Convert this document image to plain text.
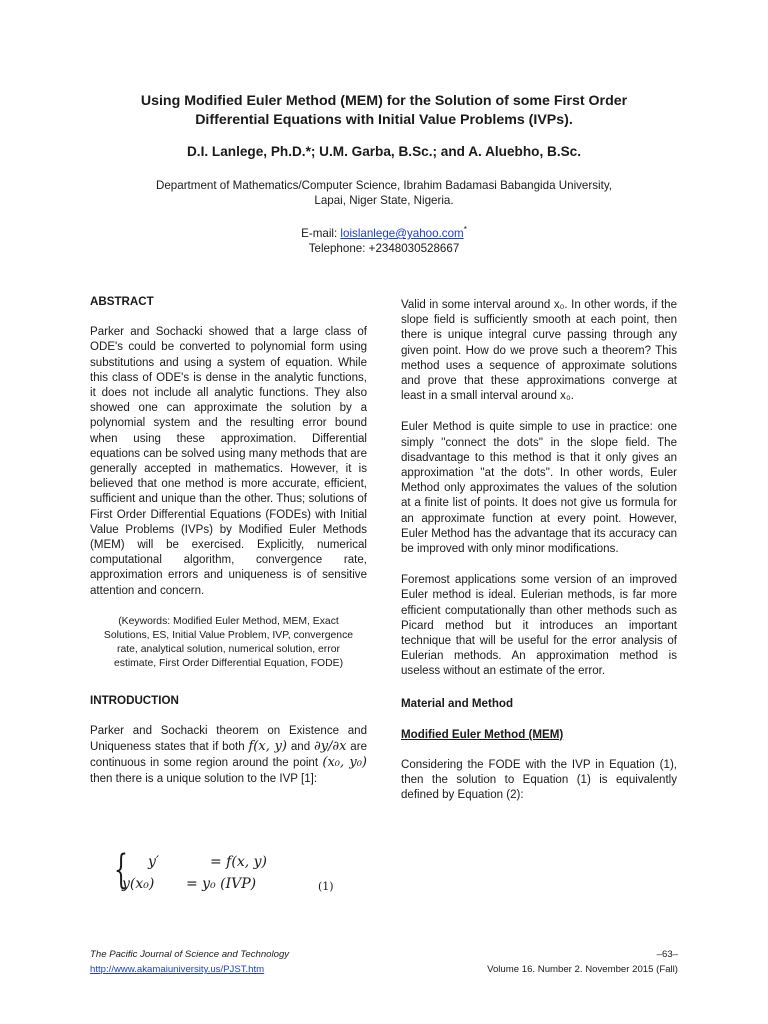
Using Modified Euler Method (MEM) for the Solution of some First Order
Differential Equations with Initial Value Problems (IVPs).
D.I. Lanlege, Ph.D.*; U.M. Garba, B.Sc.; and A. Aluebho, B.Sc.
Department of Mathematics/Computer Science, Ibrahim Badamasi Babangida University,
Lapai, Niger State, Nigeria.
E-mail: loislanlege@yahoo.com*
Telephone: +2348030528667
ABSTRACT

Parker and Sochacki showed that a large class of ODE's could be converted to polynomial form using substitutions and using a system of equation. While this class of ODE's is dense in the analytic functions, it does not include all analytic functions. They also showed one can approximate the solution by a polynomial system and the resulting error bound when using these approximation. Differential equations can be solved using many methods that are generally accepted in mathematics. However, it is believed that one method is more accurate, efficient, sufficient and unique than the other. Thus; solutions of First Order Differential Equations (FODEs) with Initial Value Problems (IVPs) by Modified Euler Methods (MEM) will be exercised. Explicitly, numerical computational algorithm, convergence rate, approximation errors and uniqueness is of sensitive attention and concern.

(Keywords: Modified Euler Method, MEM, Exact Solutions, ES, Initial Value Problem, IVP, convergence rate, analytical solution, numerical solution, error estimate, First Order Differential Equation, FODE)

INTRODUCTION

Parker and Sochacki theorem on Existence and Uniqueness states that if both f(x, y) and ∂y/∂x are continuous in some region around the point (x₀, y₀) then there is a unique solution to the IVP [1]:

{ y′	= f(x, y)
y(x₀) = y₀ (IVP)	(1)

Valid in some interval around x₀. In other words, if the slope field is sufficiently smooth at each point, then there is unique integral curve passing through any given point. How do we prove such a theorem? This method uses a sequence of approximate solutions and prove that these approximations converge at least in a small interval around x₀.

Euler Method is quite simple to use in practice: one simply ''connect the dots'' in the slope field. The disadvantage to this method is that it only gives an approximation ''at the dots''. In other words, Euler Method only approximates the values of the solution at a finite list of points. It does not give us formula for an approximate function at every point. However, Euler Method has the advantage that its accuracy can be improved with only minor modifications.

Foremost applications some version of an improved Euler method is ideal. Eulerian methods, is far more efficient computationally than other methods such as Picard method but it introduces an important technique that will be useful for the error analysis of Eulerian methods. An approximation method is useless without an estimate of the error.

Material and Method
Modified Euler Method (MEM)

Considering the FODE with the IVP in Equation (1), then the solution to Equation (1) is equivalently defined by Equation (2):

The Pacific Journal of Science and Technology
http://www.akamaiuniversity.us/PJST.htm
–63–
Volume 16. Number 2. November 2015 (Fall)
